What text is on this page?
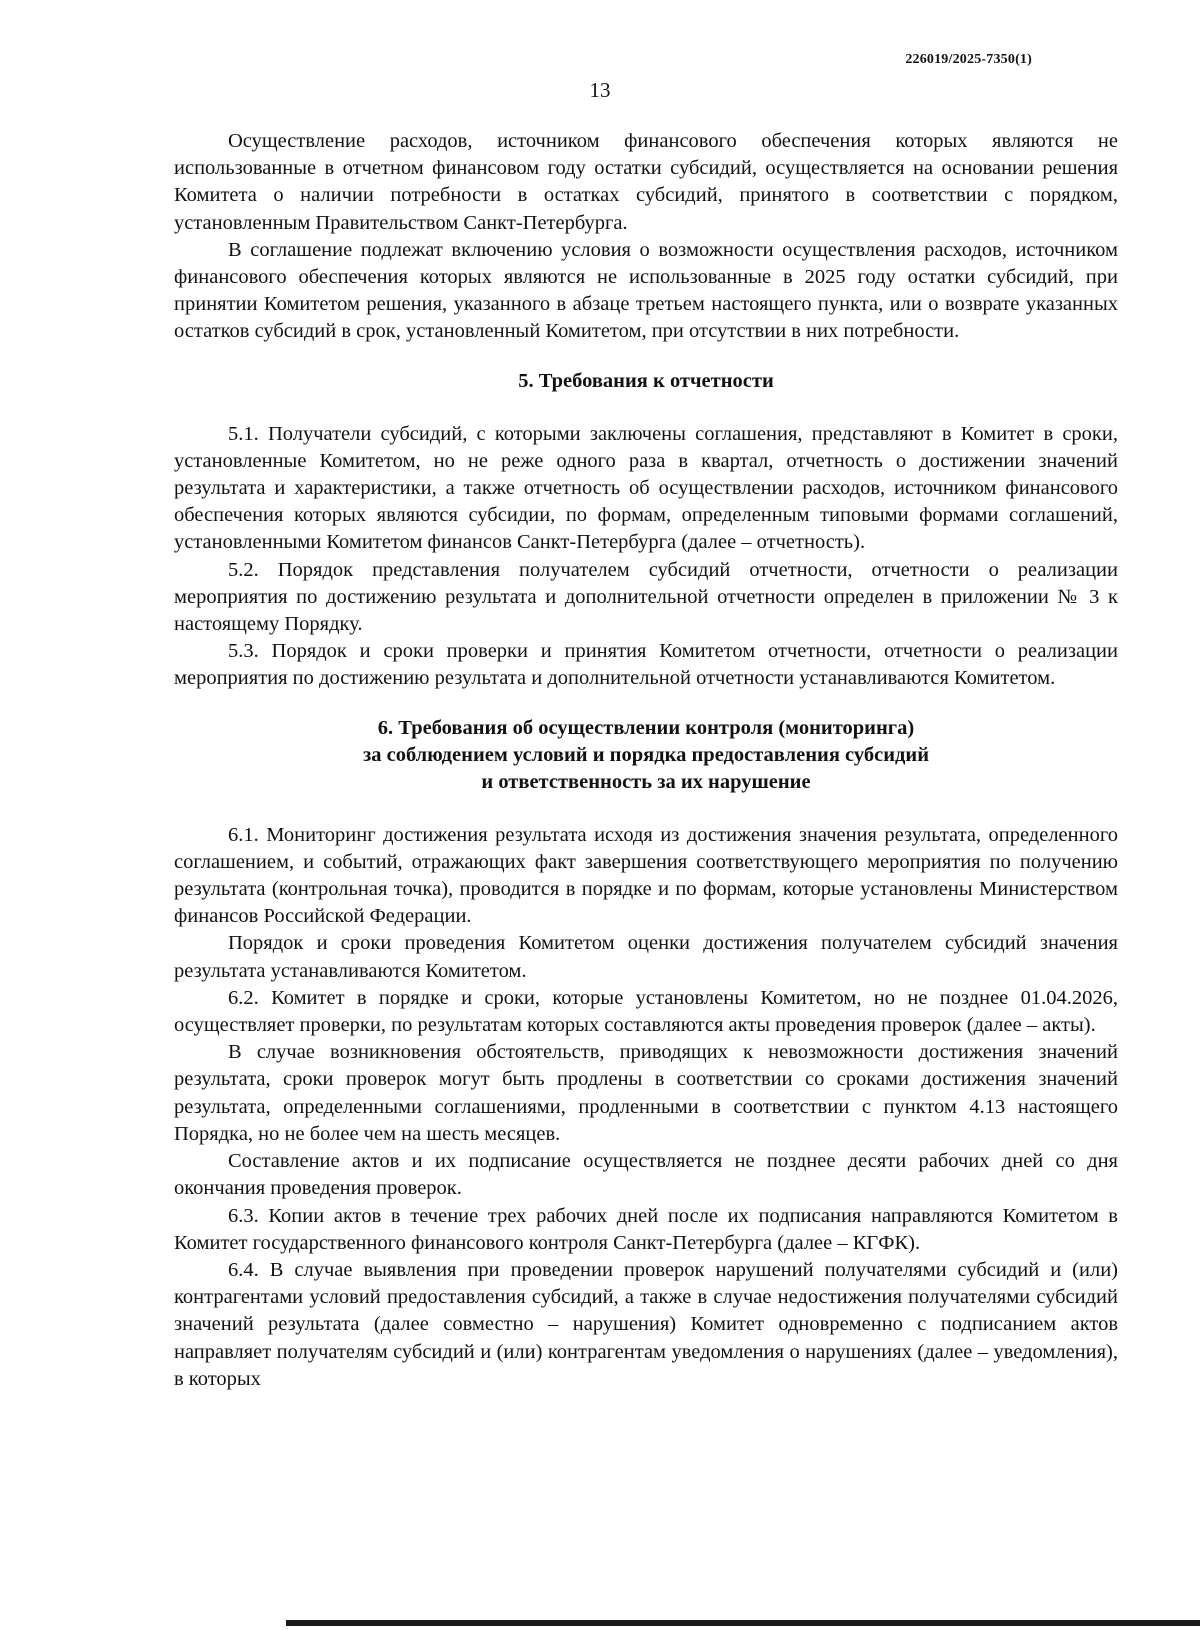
226019/2025-7350(1)
13

Осуществление расходов, источником финансового обеспечения которых являются не использованные в отчетном финансовом году остатки субсидий, осуществляется на основании решения Комитета о наличии потребности в остатках субсидий, принятого в соответствии с порядком, установленным Правительством Санкт-Петербурга.

В соглашение подлежат включению условия о возможности осуществления расходов, источником финансового обеспечения которых являются не использованные в 2025 году остатки субсидий, при принятии Комитетом решения, указанного в абзаце третьем настоящего пункта, или о возврате указанных остатков субсидий в срок, установленный Комитетом, при отсутствии в них потребности.

5. Требования к отчетности

5.1. Получатели субсидий, с которыми заключены соглашения, представляют в Комитет в сроки, установленные Комитетом, но не реже одного раза в квартал, отчетность о достижении значений результата и характеристики, а также отчетность об осуществлении расходов, источником финансового обеспечения которых являются субсидии, по формам, определенным типовыми формами соглашений, установленными Комитетом финансов Санкт-Петербурга (далее – отчетность).

5.2. Порядок представления получателем субсидий отчетности, отчетности о реализации мероприятия по достижению результата и дополнительной отчетности определен в приложении № 3 к настоящему Порядку.

5.3. Порядок и сроки проверки и принятия Комитетом отчетности, отчетности о реализации мероприятия по достижению результата и дополнительной отчетности устанавливаются Комитетом.

6. Требования об осуществлении контроля (мониторинга)
за соблюдением условий и порядка предоставления субсидий
и ответственность за их нарушение

6.1. Мониторинг достижения результата исходя из достижения значения результата, определенного соглашением, и событий, отражающих факт завершения соответствующего мероприятия по получению результата (контрольная точка), проводится в порядке и по формам, которые установлены Министерством финансов Российской Федерации.

Порядок и сроки проведения Комитетом оценки достижения получателем субсидий значения результата устанавливаются Комитетом.

6.2. Комитет в порядке и сроки, которые установлены Комитетом, но не позднее 01.04.2026, осуществляет проверки, по результатам которых составляются акты проведения проверок (далее – акты).

В случае возникновения обстоятельств, приводящих к невозможности достижения значений результата, сроки проверок могут быть продлены в соответствии со сроками достижения значений результата, определенными соглашениями, продленными в соответствии с пунктом 4.13 настоящего Порядка, но не более чем на шесть месяцев.

Составление актов и их подписание осуществляется не позднее десяти рабочих дней со дня окончания проведения проверок.

6.3. Копии актов в течение трех рабочих дней после их подписания направляются Комитетом в Комитет государственного финансового контроля Санкт-Петербурга (далее – КГФК).

6.4. В случае выявления при проведении проверок нарушений получателями субсидий и (или) контрагентами условий предоставления субсидий, а также в случае недостижения получателями субсидий значений результата (далее совместно – нарушения) Комитет одновременно с подписанием актов направляет получателям субсидий и (или) контрагентам уведомления о нарушениях (далее – уведомления), в которых
